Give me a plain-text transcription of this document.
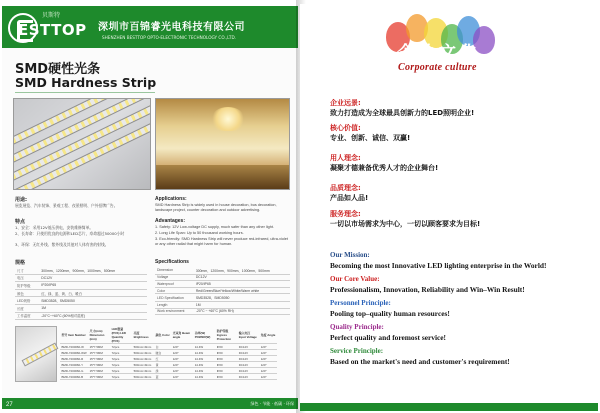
贝斯特
ESTTOP 深圳市百锦睿光电科技有限公司
SHENZHEN BESTTOP OPTO-ELECTRONIC TECHNOLOGY CO.,LTD.
SMD硬性光条
SMD Hardness Strip
用途:
展览展览、汽车装饰、景观工程、夜景照明、户外招牌广告。
特点
1、安全：采用12V低压供电，安装维修简单。
2、长寿命：只使用优良的电源和LED芯片，寿命超过50000小时
3、环保：无红外线、紫外线及其他对人体有害的射线。
Applications:
SMD Hardness Strip is widely used in house decoration, bus decoration, landscape project, counter decoration and outdoor advertising.
Advantages:
1. Safety: 12V Low-voltage DC supply, much safer than any other light.
2. Long Life Span: Up to 50 thousand working hours.
3. Eco-friendly: SMD Hardness Strip will never produce red-infrared, ultra-violet or any other radial that might harm for human.
规格
尺寸	300mm、1200mm、900mm、1000mm、500mm
电压	DC12V
防护等级	IP20/IP65
颜色	红、绿、蓝、黄、白、暖白
LED规格	SMD3528、SMD5050
长度	1M
工作温度	-20°C~+60°C (60%相对湿度)
Specifications
Dimension	300mm、1200mm、900mm、1000mm、500mm
Voltage	DC12V
Waterproof	IP20/IP65
Color	Red/Green/Blue/Yellow/White/Warm white
LED Specification	SMD3528、SMD5050
Length	1M
Work environment	-20°C ~ +60°C (60% RH)
型号 Item Number	尺寸(mm) Dimension (mm)	LED数量(PCS) LED Quantity (PCS)	亮度 Brightness	颜色 Color	光束角 Beam angle	功率(W) POWER(W)	防护等级 Ingress Protection	输入电压 Input Voltage	角度 Angle
BMD-7200060-W	15*7.5MM	72pcs	500mm×9mm	白	120°	14.4W	IP20	DC12V	120°
BMD-7200060-WW	15*7.5MM	72pcs	500mm×9mm	暖白	120°	14.4W	IP20	DC12V	120°
BMD-7200060-R	15*7.5MM	72pcs	500mm×9mm	红	120°	14.4W	IP20	DC12V	120°
BMD-7200060-Y	15*7.5MM	72pcs	500mm×9mm	黄	120°	14.4W	IP20	DC12V	120°
BMD-7200060-G	15*7.5MM	72pcs	500mm×9mm	绿	120°	14.4W	IP20	DC12V	120°
BMD-7200060-B	15*7.5MM	72pcs	500mm×9mm	蓝	120°	14.4W	IP20	DC12V	120°
27	绿色 · 节能 · 低碳 · 环保
企业文化
Corporate culture
企业远景:
致力打造成为全球最具创新力的LED照明企业!
核心价值:
专业、创新、诚信、双赢!
用人理念:
凝聚才德兼备优秀人才的企业舞台!
品质理念:
产品如人品!
服务理念:
一切以市场需求为中心，一切以顾客要求为目标!
Our Mission:
Becoming the most Innovative LED lighting enterprise in the World!
Our Core Value:
Professionalism, Innovation, Reliability and Win–Win Result!
Personnel Principle:
Pooling top–quality human resources!
Quality Principle:
Perfect quality and foremost service!
Service Principle:
Based on the market's need and customer's requirement!
